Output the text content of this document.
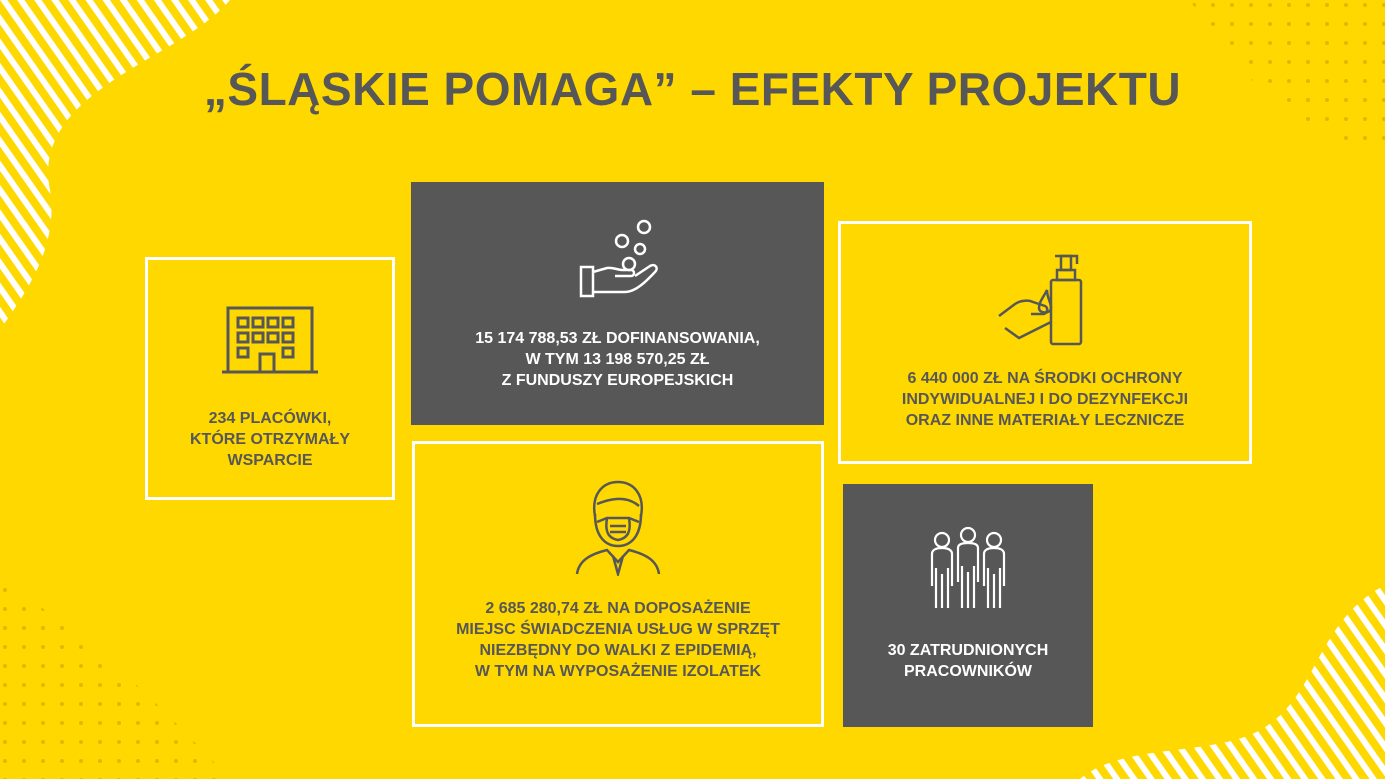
„ŚLĄSKIE POMAGA” – EFEKTY PROJEKTU
234 PLACÓWKI,
KTÓRE OTRZYMAŁY
WSPARCIE
15 174 788,53 ZŁ DOFINANSOWANIA,
W TYM 13 198 570,25 ZŁ
Z FUNDUSZY EUROPEJSKICH	6 440 000 ZŁ NA ŚRODKI OCHRONY
INDYWIDUALNEJ I DO DEZYNFEKCJI
ORAZ INNE MATERIAŁY LECZNICZE
2 685 280,74 ZŁ NA DOPOSAŻENIE
MIEJSC ŚWIADCZENIA USŁUG W SPRZĘT
NIEZBĘDNY DO WALKI Z EPIDEMIĄ,
W TYM NA WYPOSAŻENIE IZOLATEK
30 ZATRUDNIONYCH
PRACOWNIKÓW
